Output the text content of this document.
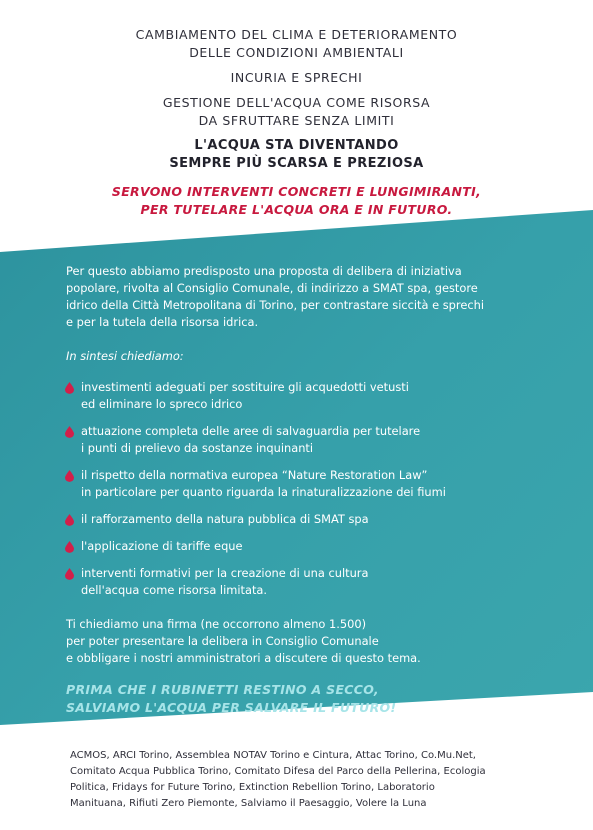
CAMBIAMENTO DEL CLIMA E DETERIORAMENTO
DELLE CONDIZIONI AMBIENTALI
INCURIA E SPRECHI
GESTIONE DELL'ACQUA COME RISORSA
DA SFRUTTARE SENZA LIMITI
L'ACQUA STA DIVENTANDO
SEMPRE PIÙ SCARSA E PREZIOSA
SERVONO INTERVENTI CONCRETI E LUNGIMIRANTI,
PER TUTELARE L'ACQUA ORA E IN FUTURO.

Per questo abbiamo predisposto una proposta di delibera di iniziativa
popolare, rivolta al Consiglio Comunale, di indirizzo a SMAT spa, gestore
idrico della Città Metropolitana di Torino, per contrastare siccità e sprechi
e per la tutela della risorsa idrica.

In sintesi chiediamo:

investimenti adeguati per sostituire gli acquedotti vetusti
ed eliminare lo spreco idrico
attuazione completa delle aree di salvaguardia per tutelare
i punti di prelievo da sostanze inquinanti
il rispetto della normativa europea “Nature Restoration Law”
in particolare per quanto riguarda la rinaturalizzazione dei fiumi
il rafforzamento della natura pubblica di SMAT spa
l'applicazione di tariffe eque
interventi formativi per la creazione di una cultura
dell'acqua come risorsa limitata.

Ti chiediamo una firma (ne occorrono almeno 1.500)
per poter presentare la delibera in Consiglio Comunale
e obbligare i nostri amministratori a discutere di questo tema.

PRIMA CHE I RUBINETTI RESTINO A SECCO,
SALVIAMO L'ACQUA PER SALVARE IL FUTURO!

ACMOS, ARCI Torino, Assemblea NOTAV Torino e Cintura, Attac Torino, Co.Mu.Net,
Comitato Acqua Pubblica Torino, Comitato Difesa del Parco della Pellerina, Ecologia
Politica, Fridays for Future Torino, Extinction Rebellion Torino, Laboratorio
Manituana, Rifiuti Zero Piemonte, Salviamo il Paesaggio, Volere la Luna
